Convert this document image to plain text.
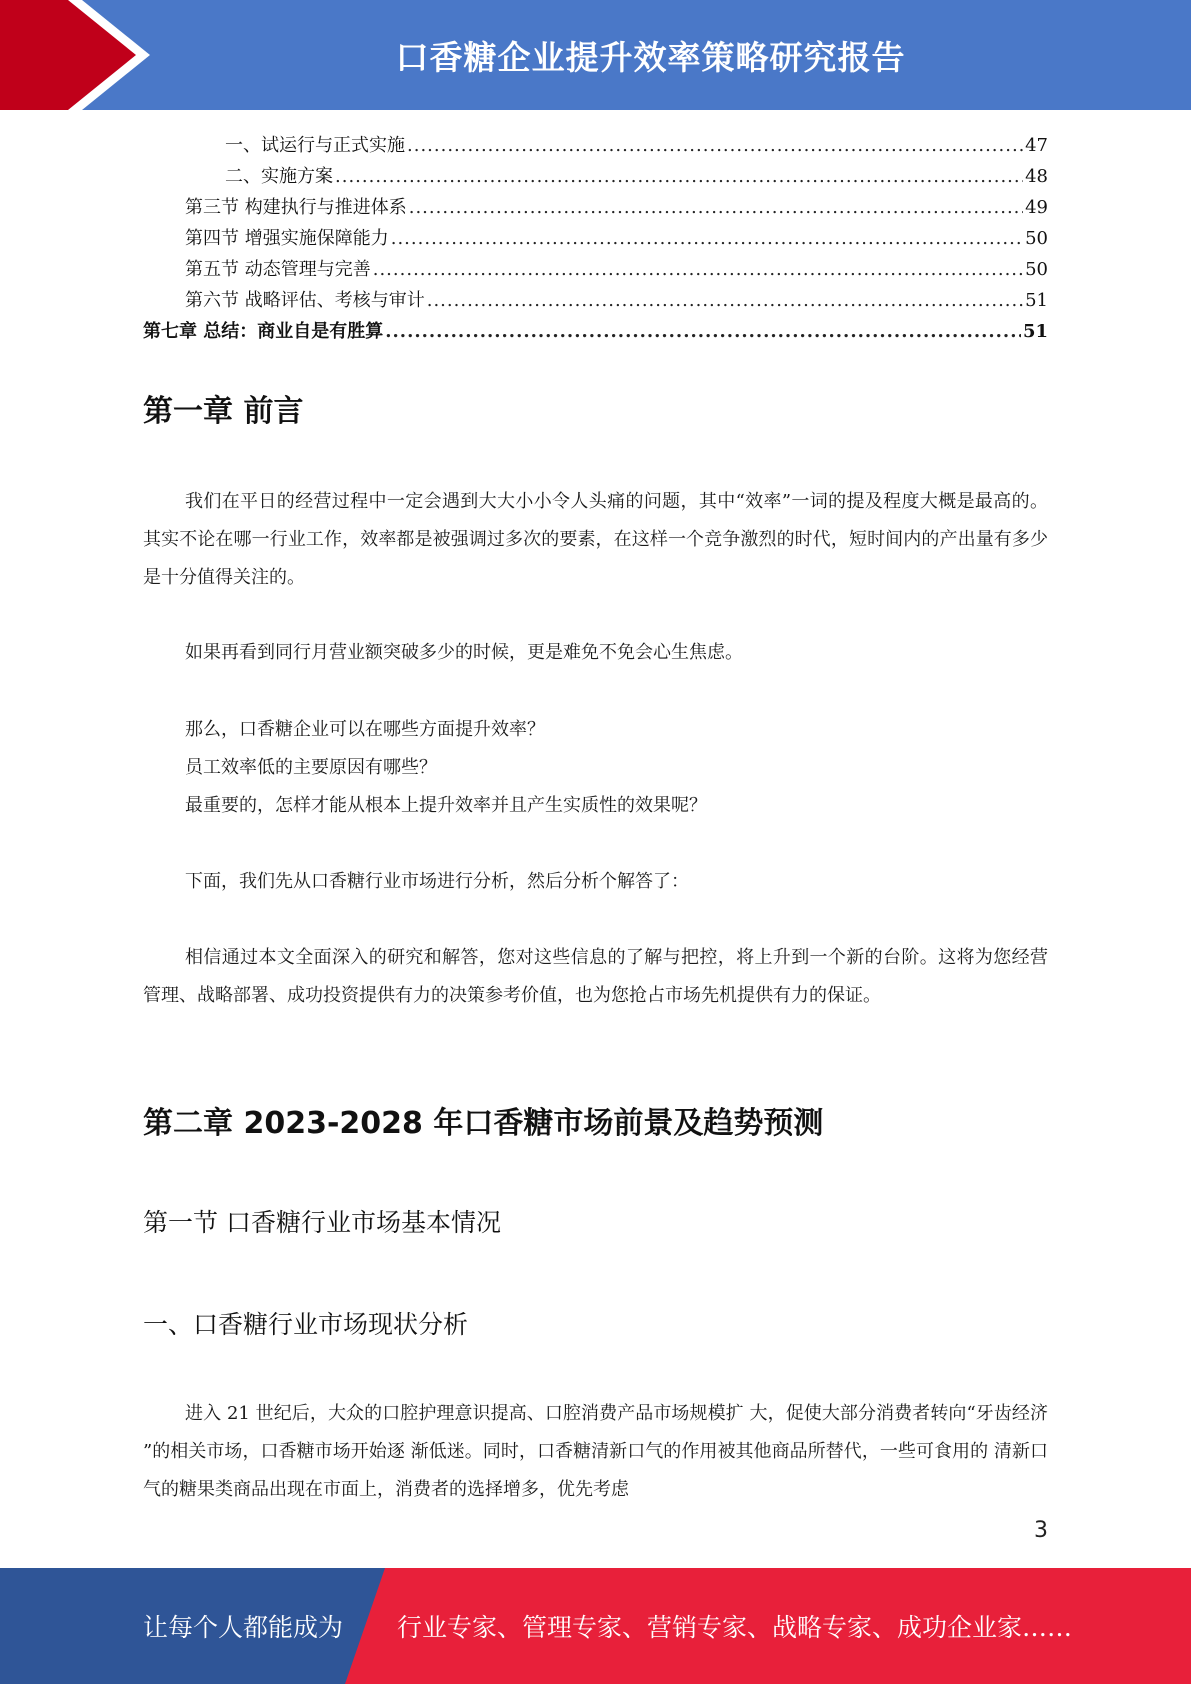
口香糖企业提升效率策略研究报告
一、试运行与正式实施 .....	47
二、实施方案 .....	48
第三节 构建执行与推进体系 .....	49
第四节 增强实施保障能力 .....	50
第五节 动态管理与完善 .....	50
第六节 战略评估、考核与审计 .....	51
第七章 总结：商业自是有胜算 .....	51
第一章 前言
我们在平日的经营过程中一定会遇到大大小小令人头痛的问题，其中“效率”一词的提及程度大概是最高的。其实不论在哪一行业工作，效率都是被强调过多次的要素，在这样一个竞争激烈的时代，短时间内的产出量有多少是十分值得关注的。
如果再看到同行月营业额突破多少的时候，更是难免不免会心生焦虑。
那么，口香糖企业可以在哪些方面提升效率？
员工效率低的主要原因有哪些？
最重要的，怎样才能从根本上提升效率并且产生实质性的效果呢？
下面，我们先从口香糖行业市场进行分析，然后分析个解答了：
相信通过本文全面深入的研究和解答，您对这些信息的了解与把控，将上升到一个新的台阶。这将为您经营管理、战略部署、成功投资提供有力的决策参考价值，也为您抢占市场先机提供有力的保证。
第二章 2023-2028 年口香糖市场前景及趋势预测
第一节 口香糖行业市场基本情况
一、口香糖行业市场现状分析
进入 21 世纪后，大众的口腔护理意识提高、口腔消费产品市场规模扩 大，促使大部分消费者转向“牙齿经济 ”的相关市场，口香糖市场开始逐 渐低迷。同时，口香糖清新口气的作用被其他商品所替代，一些可食用的 清新口气的糖果类商品出现在市面上，消费者的选择增多，优先考虑
3
让每个人都能成为 行业专家、管理专家、营销专家、战略专家、成功企业家……
